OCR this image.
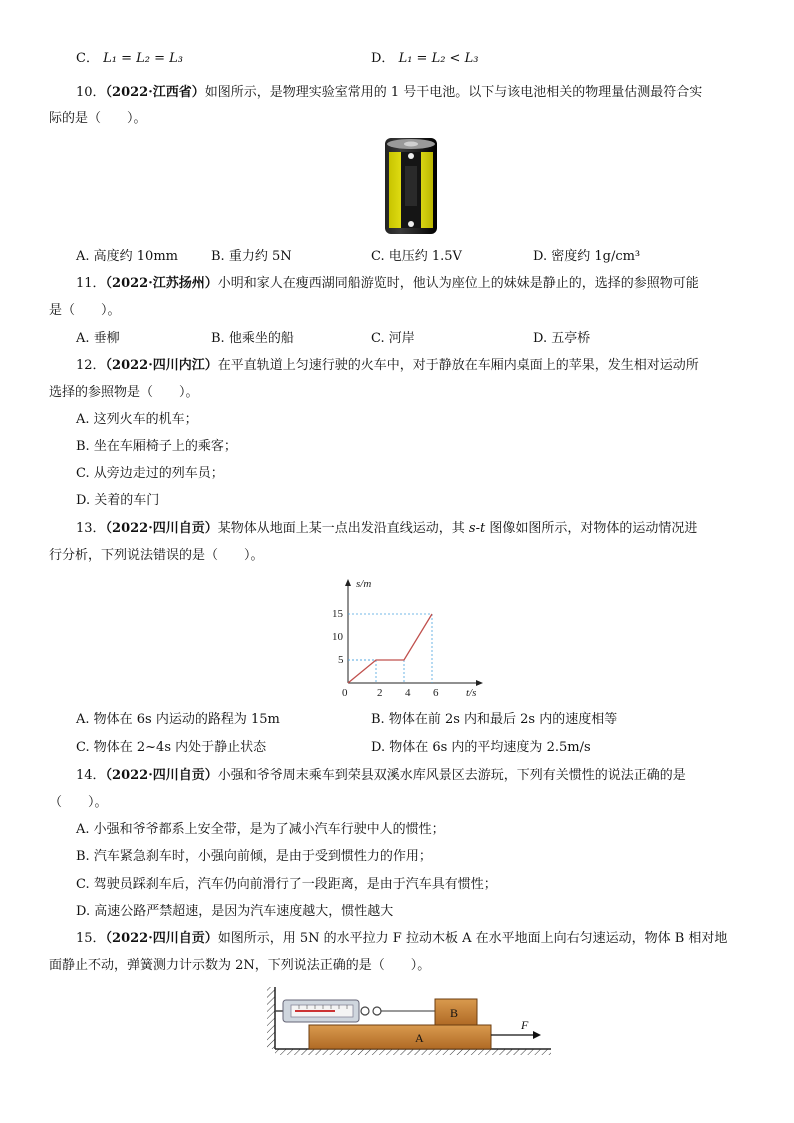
C． L₁ = L₂ = L₃	D． L₁ = L₂ < L₃
10．（2022·江西省）如图所示，是物理实验室常用的 1 号干电池。以下与该电池相关的物理量估测最符合实
际的是（　　）。
A. 高度约 10mm	B. 重力约 5N	C. 电压约 1.5V	D. 密度约 1g/cm³
11．（2022·江苏扬州）小明和家人在瘦西湖同船游览时，他认为座位上的妹妹是静止的，选择的参照物可能
是（　　）。
A. 垂柳	B. 他乘坐的船	C. 河岸	D. 五亭桥
12．（2022·四川内江）在平直轨道上匀速行驶的火车中，对于静放在车厢内桌面上的苹果，发生相对运动所
选择的参照物是（　　）。
A. 这列火车的机车；
B. 坐在车厢椅子上的乘客；
C. 从旁边走过的列车员；
D. 关着的车门
13．（2022·四川自贡）某物体从地面上某一点出发沿直线运动，其 s-t 图像如图所示，对物体的运动情况进
行分析，下列说法错误的是（　　）。
s/m
t/s
0	2 4 6
5
10
15
A. 物体在 6s 内运动的路程为 15m	B. 物体在前 2s 内和最后 2s 内的速度相等
C. 物体在 2~4s 内处于静止状态	D. 物体在 6s 内的平均速度为 2.5m/s
14．（2022·四川自贡）小强和爷爷周末乘车到荣县双溪水库风景区去游玩，下列有关惯性的说法正确的是
（　　）。
A. 小强和爷爷都系上安全带，是为了减小汽车行驶中人的惯性；
B. 汽车紧急刹车时，小强向前倾，是由于受到惯性力的作用；
C. 驾驶员踩刹车后，汽车仍向前滑行了一段距离，是由于汽车具有惯性；
D. 高速公路严禁超速，是因为汽车速度越大，惯性越大
15．（2022·四川自贡）如图所示，用 5N 的水平拉力 F 拉动木板 A 在水平地面上向右匀速运动，物体 B 相对地
面静止不动，弹簧测力计示数为 2N，下列说法正确的是（　　）。
B
A
F
